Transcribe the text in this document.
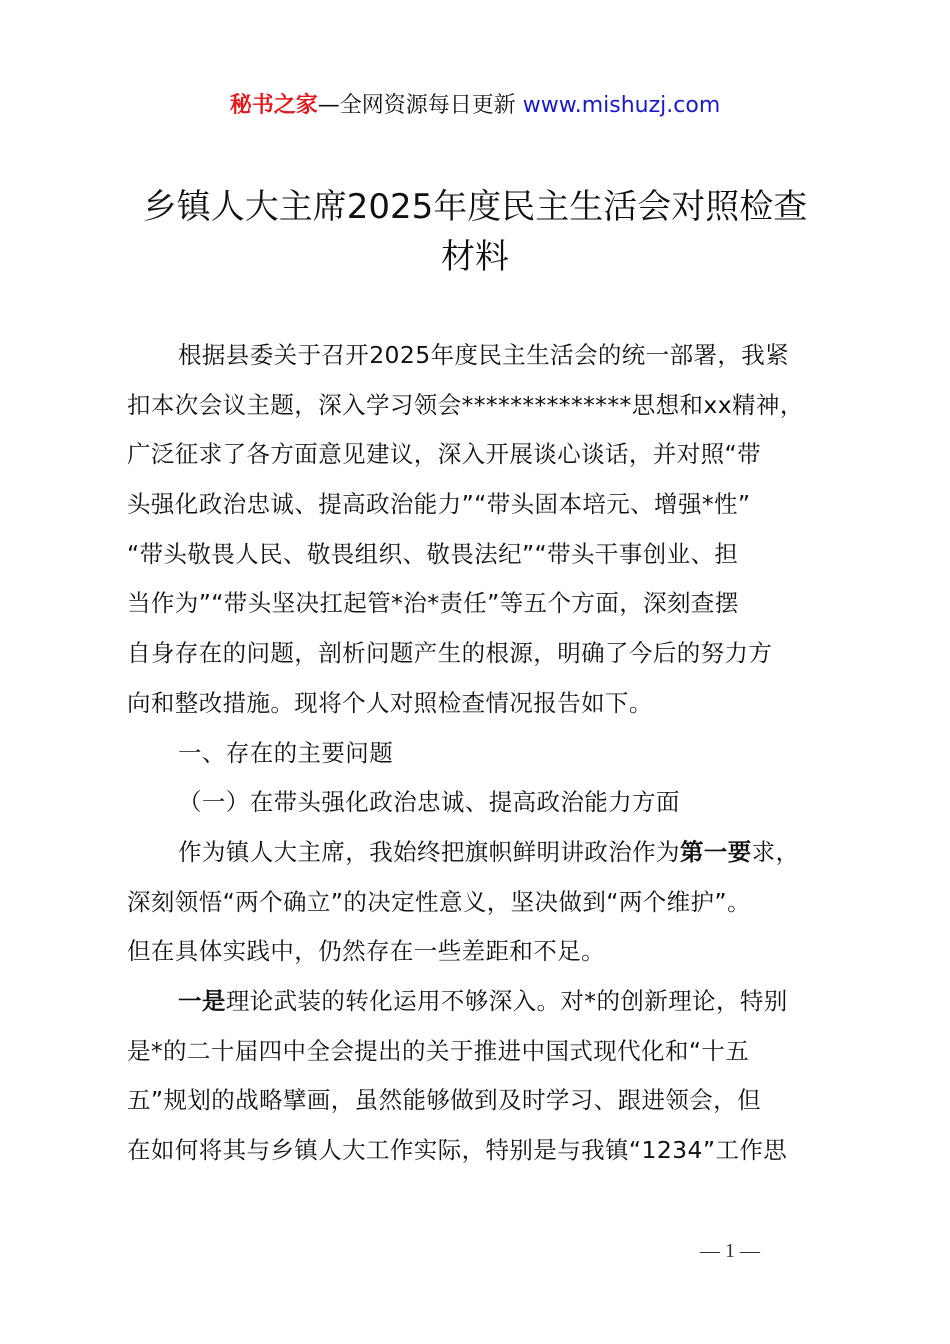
秘书之家—全网资源每日更新 www.mishuzj.com
乡镇人大主席2025年度民主生活会对照检查
材料
根据县委关于召开2025年度民主生活会的统一部署，我紧
扣本次会议主题，深入学习领会**************思想和xx精神，
广泛征求了各方面意见建议，深入开展谈心谈话，并对照“带
头强化政治忠诚、提高政治能力”“带头固本培元、增强*性”
“带头敬畏人民、敬畏组织、敬畏法纪”“带头干事创业、担
当作为”“带头坚决扛起管*治*责任”等五个方面，深刻查摆
自身存在的问题，剖析问题产生的根源，明确了今后的努力方
向和整改措施。现将个人对照检查情况报告如下。
一、存在的主要问题
（一）在带头强化政治忠诚、提高政治能力方面
作为镇人大主席，我始终把旗帜鲜明讲政治作为第一要求，
深刻领悟“两个确立”的决定性意义，坚决做到“两个维护”。
但在具体实践中，仍然存在一些差距和不足。
一是理论武装的转化运用不够深入。对*的创新理论，特别
是*的二十届四中全会提出的关于推进中国式现代化和“十五
五”规划的战略擘画，虽然能够做到及时学习、跟进领会，但
在如何将其与乡镇人大工作实际，特别是与我镇“1234”工作思
— 1 —
